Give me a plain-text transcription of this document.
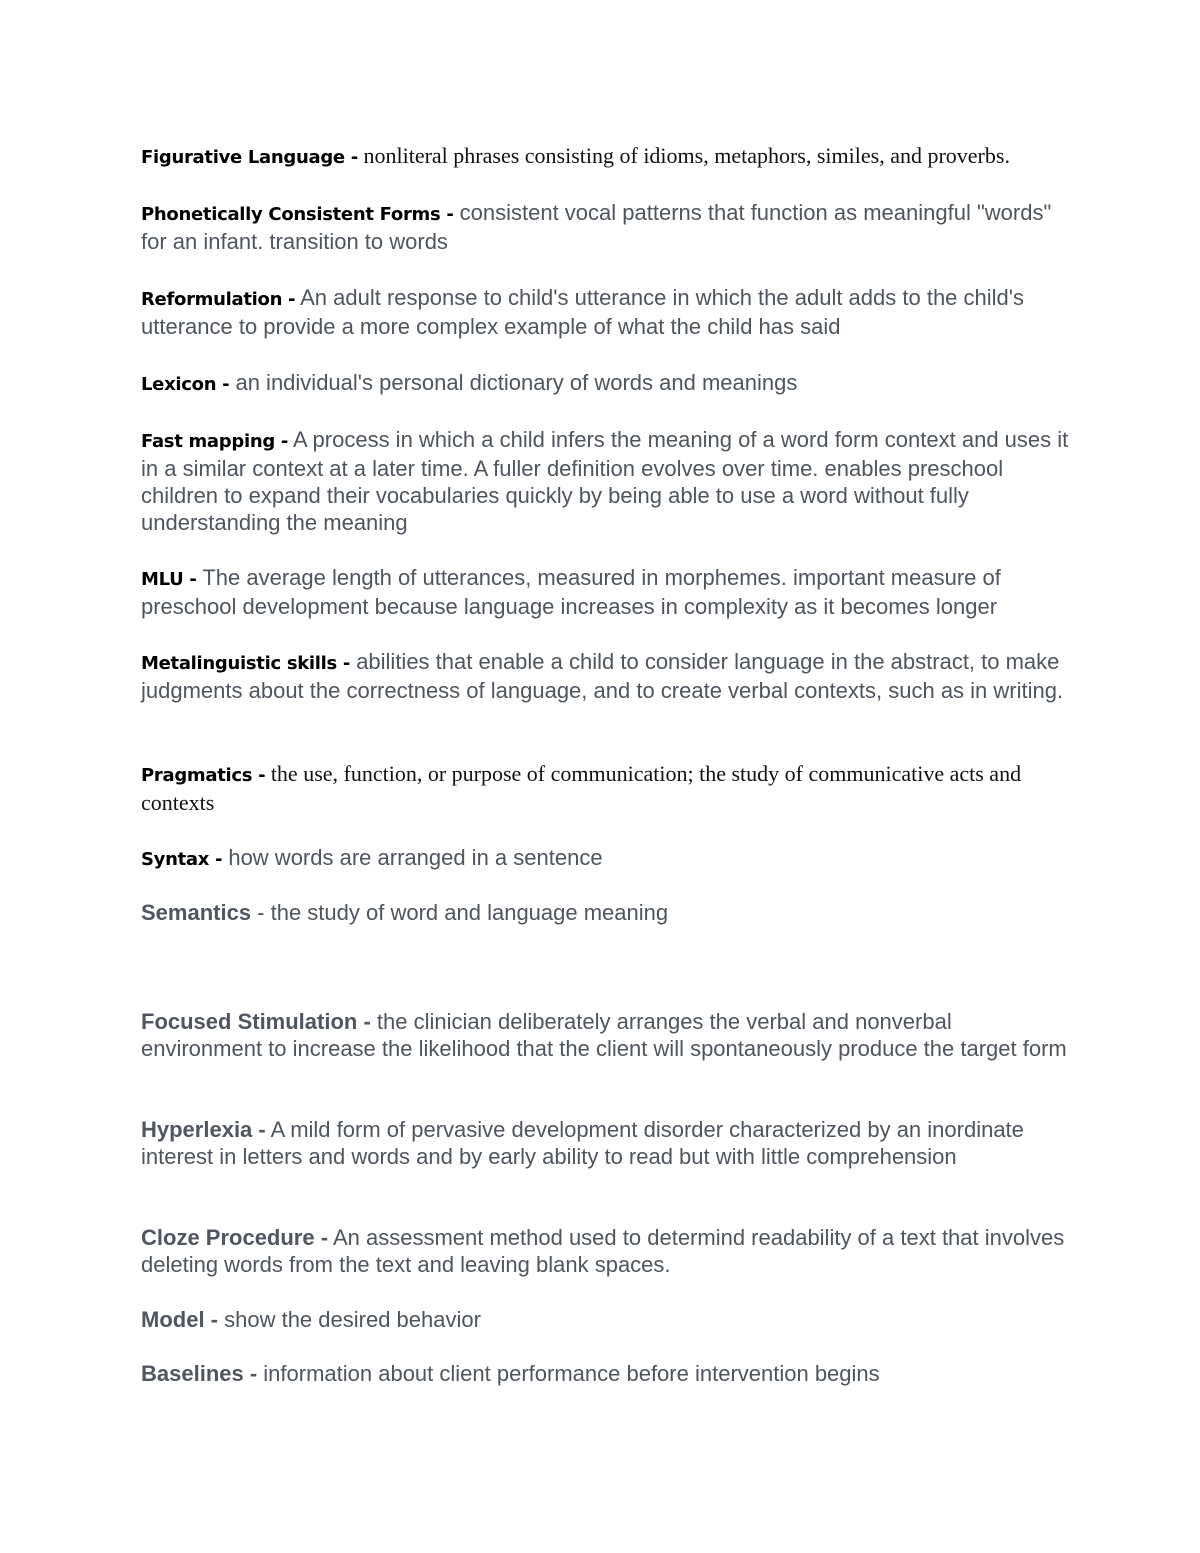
Figurative Language - nonliteral phrases consisting of idioms, metaphors, similes, and proverbs.

Phonetically Consistent Forms - consistent vocal patterns that function as meaningful "words" for an infant. transition to words

Reformulation - An adult response to child's utterance in which the adult adds to the child's utterance to provide a more complex example of what the child has said

Lexicon - an individual's personal dictionary of words and meanings

Fast mapping - A process in which a child infers the meaning of a word form context and uses it in a similar context at a later time. A fuller definition evolves over time. enables preschool children to expand their vocabularies quickly by being able to use a word without fully understanding the meaning

MLU - The average length of utterances, measured in morphemes. important measure of preschool development because language increases in complexity as it becomes longer

Metalinguistic skills - abilities that enable a child to consider language in the abstract, to make judgments about the correctness of language, and to create verbal contexts, such as in writing.

Pragmatics - the use, function, or purpose of communication; the study of communicative acts and contexts

Syntax - how words are arranged in a sentence

Semantics - the study of word and language meaning

Focused Stimulation - the clinician deliberately arranges the verbal and nonverbal environment to increase the likelihood that the client will spontaneously produce the target form

Hyperlexia - A mild form of pervasive development disorder characterized by an inordinate interest in letters and words and by early ability to read but with little comprehension

Cloze Procedure - An assessment method used to determind readability of a text that involves deleting words from the text and leaving blank spaces.

Model - show the desired behavior

Baselines - information about client performance before intervention begins
